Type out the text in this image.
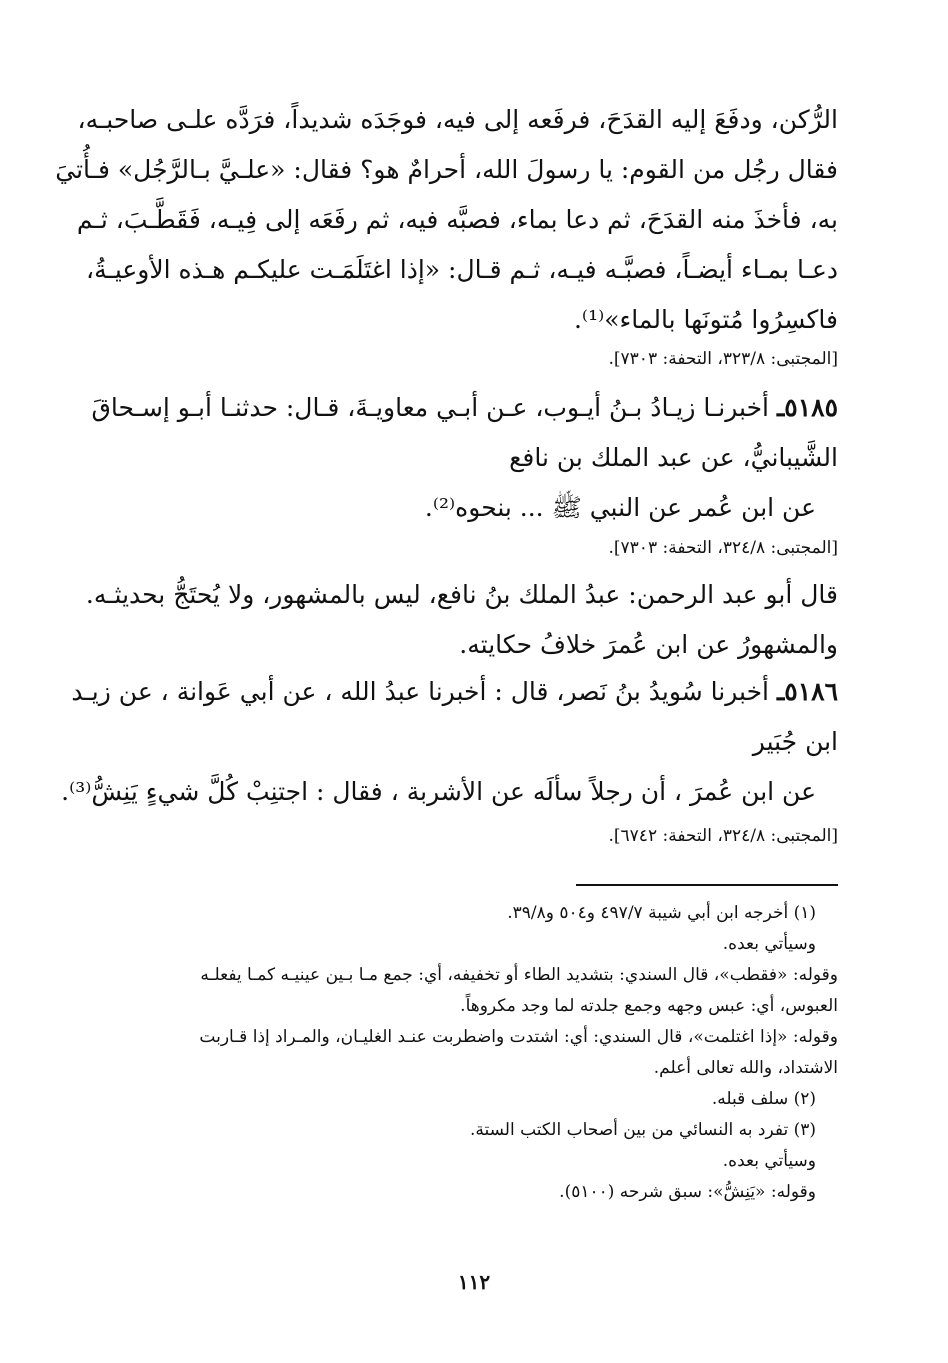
الرُّكن، ودفَعَ إليه القدَحَ، فرفَعه إلى فيه، فوجَدَه شديداً، فرَدَّه علـى صاحبـه،
فقال رجُل من القوم: يا رسولَ الله، أحرامٌ هو؟ فقال: «علـيَّ بـالرَّجُل» فـأُتيَ
به، فأخذَ منه القدَحَ، ثم دعا بماء، فصبَّه فيه، ثم رفَعَه إلى فِيـه، فَقَطَّـبَ، ثـم
دعـا بمـاء أيضـاً، فصبَّـه فيـه، ثـم قـال: «إذا اغتَلَمَـت عليكـم هـذه الأوعيـةُ،
فاكسِرُوا مُتونَها بالماء»⁽¹⁾.
[المجتبى: ٣٢٣/٨، التحفة: ٧٣٠٣].
٥١٨٥ـ أخبرنـا زيـادُ بـنُ أيـوب، عـن أبـي معاويـةَ، قـال: حدثنـا أبـو إسـحاقَ
الشَّيبانيُّ، عن عبد الملك بن نافع
عن ابن عُمر عن النبي ﷺ ... بنحوه⁽²⁾.
[المجتبى: ٣٢٤/٨، التحفة: ٧٣٠٣].
قال أبو عبد الرحمن: عبدُ الملك بنُ نافع، ليس بالمشهور، ولا يُحتَجُّ بحديثـه.
والمشهورُ عن ابن عُمرَ خلافُ حكايته.
٥١٨٦ـ أخبرنا سُويدُ بنُ نَصر، قال : أخبرنا عبدُ الله ، عن أبي عَوانة ، عن زيـد
ابن جُبَير
عن ابن عُمرَ ، أن رجلاً سألَه عن الأشربة ، فقال : اجتنِبْ كُلَّ شيءٍ يَنِشُّ⁽³⁾.
[المجتبى: ٣٢٤/٨، التحفة: ٦٧٤٢].
(١) أخرجه ابن أبي شيبة ٤٩٧/٧ و٥٠٤ و٣٩/٨.
وسيأتي بعده.
وقوله: «فقطب»، قال السندي: بتشديد الطاء أو تخفيفه، أي: جمع مـا بـين عينيـه كمـا يفعلـه
العبوس، أي: عبس وجهه وجمع جلدته لما وجد مكروهاً.
وقوله: «إذا اغتلمت»، قال السندي: أي: اشتدت واضطربت عنـد الغليـان، والمـراد إذا قـاربت
الاشتداد، والله تعالى أعلم.
(٢) سلف قبله.
(٣) تفرد به النسائي من بين أصحاب الكتب الستة.
وسيأتي بعده.
وقوله: «يَنِشُّ»: سبق شرحه (٥١٠٠).
١١٢
